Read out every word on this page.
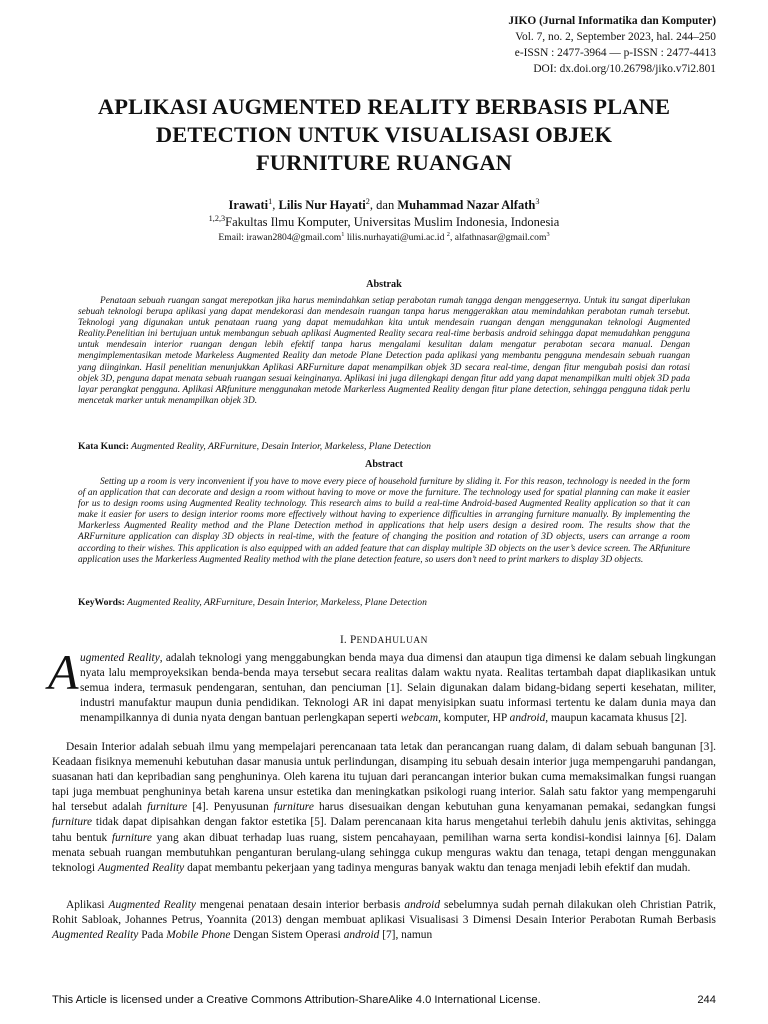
JIKO (Jurnal Informatika dan Komputer)
Vol. 7, no. 2, September 2023, hal. 244–250
e-ISSN : 2477-3964 — p-ISSN : 2477-4413
DOI: dx.doi.org/10.26798/jiko.v7i2.801
APLIKASI AUGMENTED REALITY BERBASIS PLANE
DETECTION UNTUK VISUALISASI OBJEK
FURNITURE RUANGAN
Irawati$^1$, Lilis Nur Hayati$^2$, dan Muhammad Nazar Alfath$^3$
$^{1,2,3}$Fakultas Ilmu Komputer, Universitas Muslim Indonesia, Indonesia
Email: irawan2804@gmail.com$^1$ lilis.nurhayati@umi.ac.id $^2$, alfathnasar@gmail.com$^3$
Abstrak
Penataan sebuah ruangan sangat merepotkan jika harus memindahkan setiap perabotan rumah tangga dengan menggesernya. Untuk itu sangat diperlukan sebuah teknologi berupa aplikasi yang dapat mendekorasi dan mendesain ruangan tanpa harus menggerakkan atau memindahkan perabotan rumah tersebut. Teknologi yang digunakan untuk penataan ruang yang dapat memudahkan kita untuk mendesain ruangan dengan menggunakan teknologi Augmented Reality.Penelitian ini bertujuan untuk membangun sebuah aplikasi Augmented Reality secara real-time berbasis android sehingga dapat memudahkan pengguna untuk mendesain interior ruangan dengan lebih efektif tanpa harus mengalami kesulitan dalam mengatur perabotan secara manual. Dengan mengimplementasikan metode Markeless Augmented Reality dan metode Plane Detection pada aplikasi yang membantu pengguna mendesain sebuah ruangan yang diinginkan. Hasil penelitian menunjukkan Aplikasi ARFurniture dapat menampilkan objek 3D secara real-time, dengan fitur mengubah posisi dan rotasi objek 3D, penguna dapat menata sebuah ruangan sesuai keinginanya. Aplikasi ini juga dilengkapi dengan fitur add yang dapat menampilkan multi objek 3D pada layar perangkat pengguna. Aplikasi ARfuniture menggunakan metode Markerless Augmented Reality dengan fitur plane detection, sehingga pengguna tidak perlu mencetak marker untuk menampilkan objek 3D.
Kata Kunci: Augmented Reality, ARFurniture, Desain Interior, Markeless, Plane Detection
Abstract
Setting up a room is very inconvenient if you have to move every piece of household furniture by sliding it. For this reason, technology is needed in the form of an application that can decorate and design a room without having to move or move the furniture. The technology used for spatial planning can make it easier for us to design rooms using Augmented Reality technology. This research aims to build a real-time Android-based Augmented Reality application so that it can make it easier for users to design interior rooms more effectively without having to experience difficulties in arranging furniture manually. By implementing the Markerless Augmented Reality method and the Plane Detection method in applications that help users design a desired room. The results show that the ARFurniture application can display 3D objects in real-time, with the feature of changing the position and rotation of 3D objects, users can arrange a room according to their wishes. This application is also equipped with an added feature that can display multiple 3D objects on the user’s device screen. The ARfuniture application uses the Markerless Augmented Reality method with the plane detection feature, so users don’t need to print markers to display 3D objects.
KeyWords: Augmented Reality, ARFurniture, Desain Interior, Markeless, Plane Detection
I. PENDAHULUAN
A ugmented Reality, adalah teknologi yang menggabungkan benda maya dua dimensi dan ataupun tiga dimensi ke dalam sebuah lingkungan nyata lalu memproyeksikan benda-benda maya tersebut secara realitas dalam waktu nyata. Realitas tertambah dapat diaplikasikan untuk semua indera, termasuk pendengaran, sentuhan, dan penciuman [1]. Selain digunakan dalam bidang-bidang seperti kesehatan, militer, industri manufaktur maupun dunia pendidikan. Teknologi AR ini dapat menyisipkan suatu informasi tertentu ke dalam dunia maya dan menampilkannya di dunia nyata dengan bantuan perlengkapan seperti webcam, komputer, HP android, maupun kacamata khusus [2].
Desain Interior adalah sebuah ilmu yang mempelajari perencanaan tata letak dan perancangan ruang dalam, di dalam sebuah bangunan [3]. Keadaan fisiknya memenuhi kebutuhan dasar manusia untuk perlindungan, disamping itu sebuah desain interior juga mempengaruhi pandangan, suasanan hati dan kepribadian sang penghuninya. Oleh karena itu tujuan dari perancangan interior bukan cuma memaksimalkan fungsi ruangan tapi juga membuat penghuninya betah karena unsur estetika dan meningkatkan psikologi ruang interior. Salah satu faktor yang mempengaruhi hal tersebut adalah furniture [4]. Penyusunan furniture harus disesuaikan dengan kebutuhan guna kenyamanan pemakai, sedangkan fungsi furniture tidak dapat dipisahkan dengan faktor estetika [5]. Dalam perencanaan kita harus mengetahui terlebih dahulu jenis aktivitas, sehingga tahu bentuk furniture yang akan dibuat terhadap luas ruang, sistem pencahayaan, pemilihan warna serta kondisi-kondisi lainnya [6]. Dalam menata sebuah ruangan membutuhkan penganturan berulang-ulang sehingga cukup menguras waktu dan tenaga, tetapi dengan menggunakan teknologi Augmented Reality dapat membantu pekerjaan yang tadinya menguras banyak waktu dan tenaga menjadi lebih efektif dan mudah.
Aplikasi Augmented Reality mengenai penataan desain interior berbasis android sebelumnya sudah pernah dilakukan oleh Christian Patrik, Rohit Sabloak, Johannes Petrus, Yoannita (2013) dengan membuat aplikasi Visualisasi 3 Dimensi Desain Interior Perabotan Rumah Berbasis Augmented Reality Pada Mobile Phone Dengan Sistem Operasi android [7], namun
This Article is licensed under a Creative Commons Attribution-ShareAlike 4.0 International License.	244
